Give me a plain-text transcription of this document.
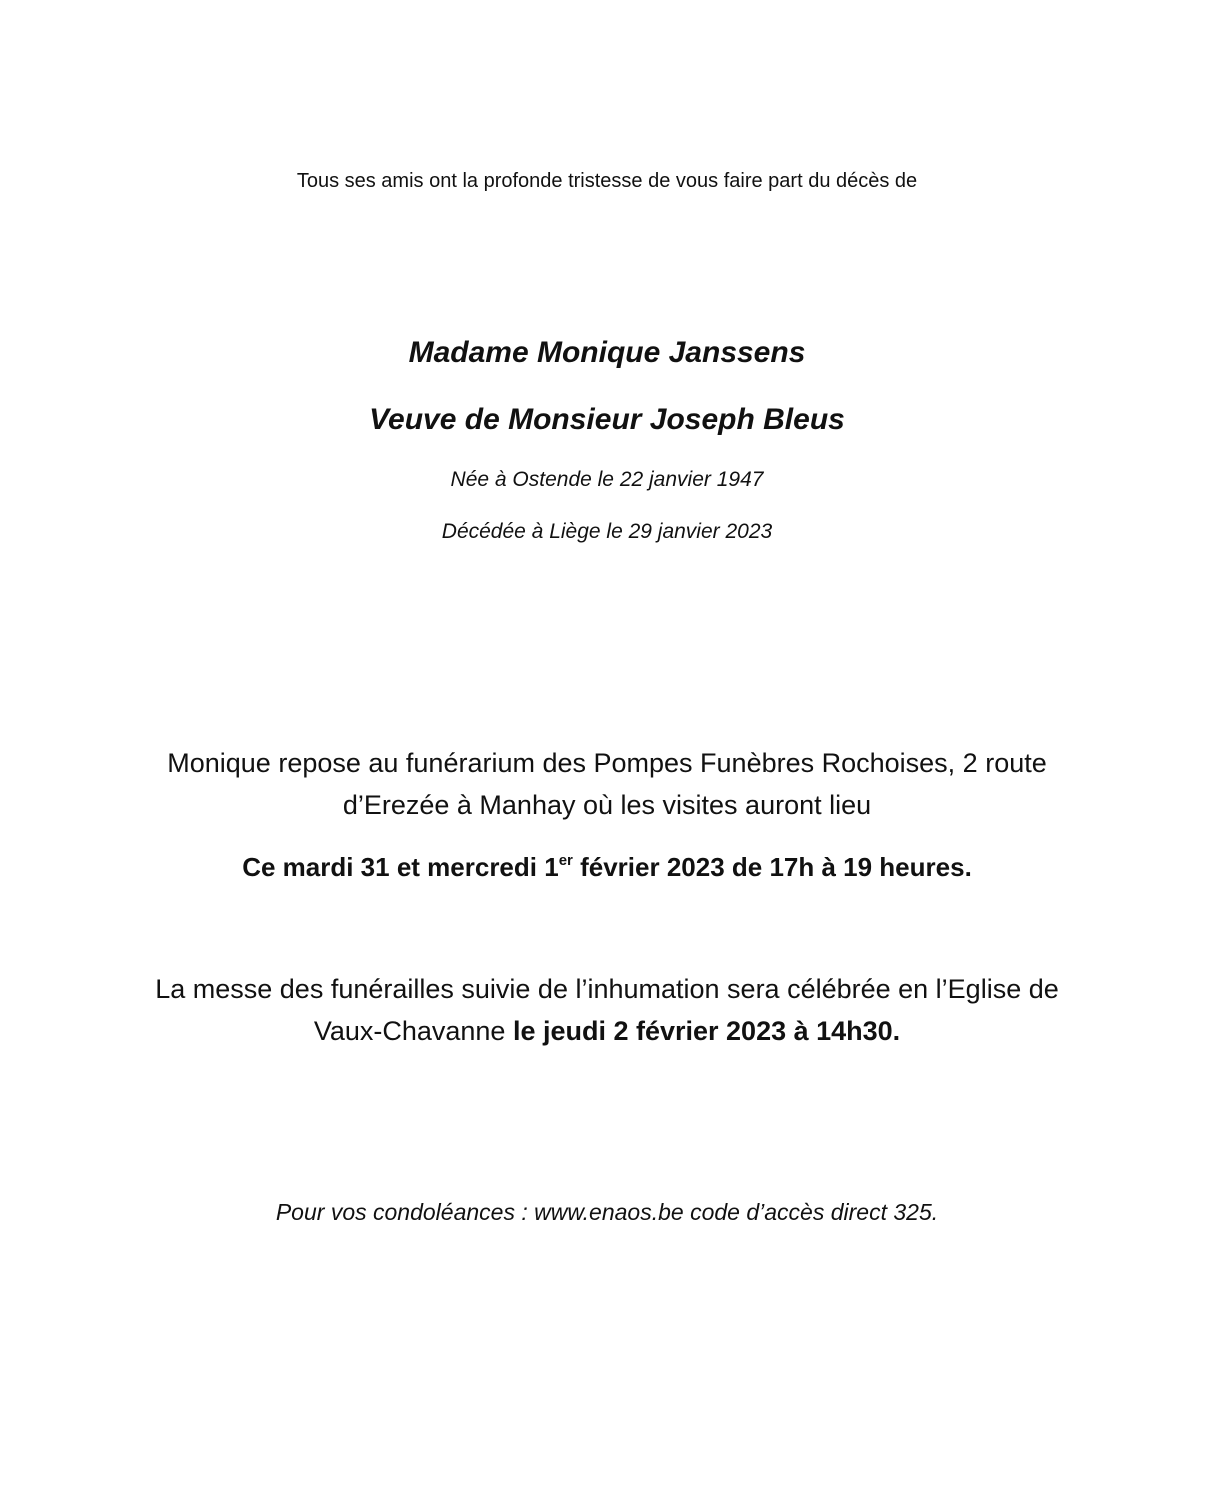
Tous ses amis ont la profonde tristesse de vous faire part du décès de
Madame Monique Janssens
Veuve de Monsieur Joseph Bleus
Née à Ostende le 22 janvier 1947
Décédée à Liège le 29 janvier 2023
Monique repose au funérarium des Pompes Funèbres Rochoises, 2 route
d’Erezée à Manhay où les visites auront lieu
Ce mardi 31 et mercredi 1er février 2023 de 17h à 19 heures.
La messe des funérailles suivie de l’inhumation sera célébrée en l’Eglise de
Vaux-Chavanne le jeudi 2 février 2023 à 14h30.
Pour vos condoléances : www.enaos.be code d’accès direct 325.
